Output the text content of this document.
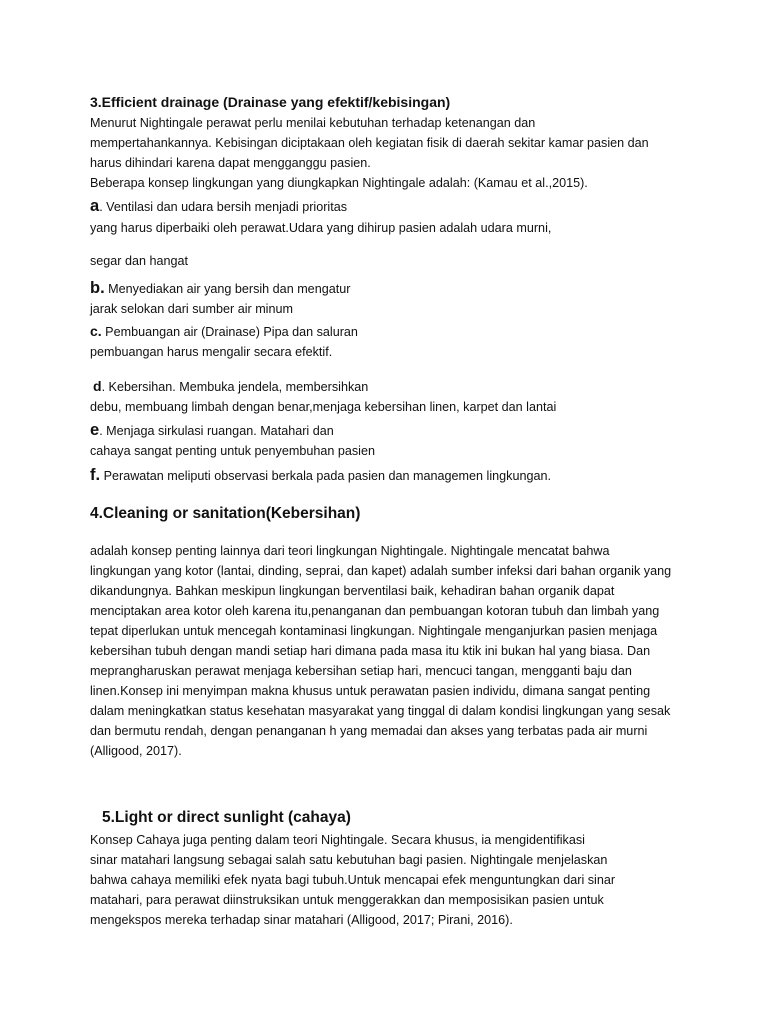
3.Efficient drainage (Drainase yang efektif/kebisingan)
Menurut Nightingale perawat perlu menilai kebutuhan terhadap ketenangan dan
mempertahankannya. Kebisingan diciptakaan oleh kegiatan fisik di daerah sekitar kamar pasien dan
harus dihindari karena dapat mengganggu pasien.
Beberapa konsep lingkungan yang diungkapkan Nightingale adalah: (Kamau et al.,2015).
a. Ventilasi dan udara bersih menjadi prioritas
yang harus diperbaiki oleh perawat.Udara yang dihirup pasien adalah udara murni,
segar dan hangat
b. Menyediakan air yang bersih dan mengatur
jarak selokan dari sumber air minum
c. Pembuangan air (Drainase) Pipa dan saluran
pembuangan harus mengalir secara efektif.
d. Kebersihan. Membuka jendela, membersihkan
debu, membuang limbah dengan benar,menjaga kebersihan linen, karpet dan lantai
e. Menjaga sirkulasi ruangan. Matahari dan
cahaya sangat penting untuk penyembuhan pasien
f. Perawatan meliputi observasi berkala pada pasien dan managemen lingkungan.
4.Cleaning or sanitation(Kebersihan)
adalah konsep penting lainnya dari teori lingkungan Nightingale. Nightingale mencatat bahwa
lingkungan yang kotor (lantai, dinding, seprai, dan kapet) adalah sumber infeksi dari bahan organik yang
dikandungnya. Bahkan meskipun lingkungan berventilasi baik, kehadiran bahan organik dapat
menciptakan area kotor oleh karena itu,penanganan dan pembuangan kotoran tubuh dan limbah yang
tepat diperlukan untuk mencegah kontaminasi lingkungan. Nightingale menganjurkan pasien menjaga
kebersihan tubuh dengan mandi setiap hari dimana pada masa itu ktik ini bukan hal yang biasa. Dan
meprangharuskan perawat menjaga kebersihan setiap hari, mencuci tangan, mengganti baju dan
linen.Konsep ini menyimpan makna khusus untuk perawatan pasien individu, dimana sangat penting
dalam meningkatkan status kesehatan masyarakat yang tinggal di dalam kondisi lingkungan yang sesak
dan bermutu rendah, dengan penanganan h yang memadai dan akses yang terbatas pada air murni
(Alligood, 2017).
5.Light or direct sunlight (cahaya)
Konsep Cahaya juga penting dalam teori Nightingale. Secara khusus, ia mengidentifikasi
sinar matahari langsung sebagai salah satu kebutuhan bagi pasien. Nightingale menjelaskan
bahwa cahaya memiliki efek nyata bagi tubuh.Untuk mencapai efek menguntungkan dari sinar
matahari, para perawat diinstruksikan untuk menggerakkan dan memposisikan pasien untuk
mengekspos mereka terhadap sinar matahari (Alligood, 2017; Pirani, 2016).
